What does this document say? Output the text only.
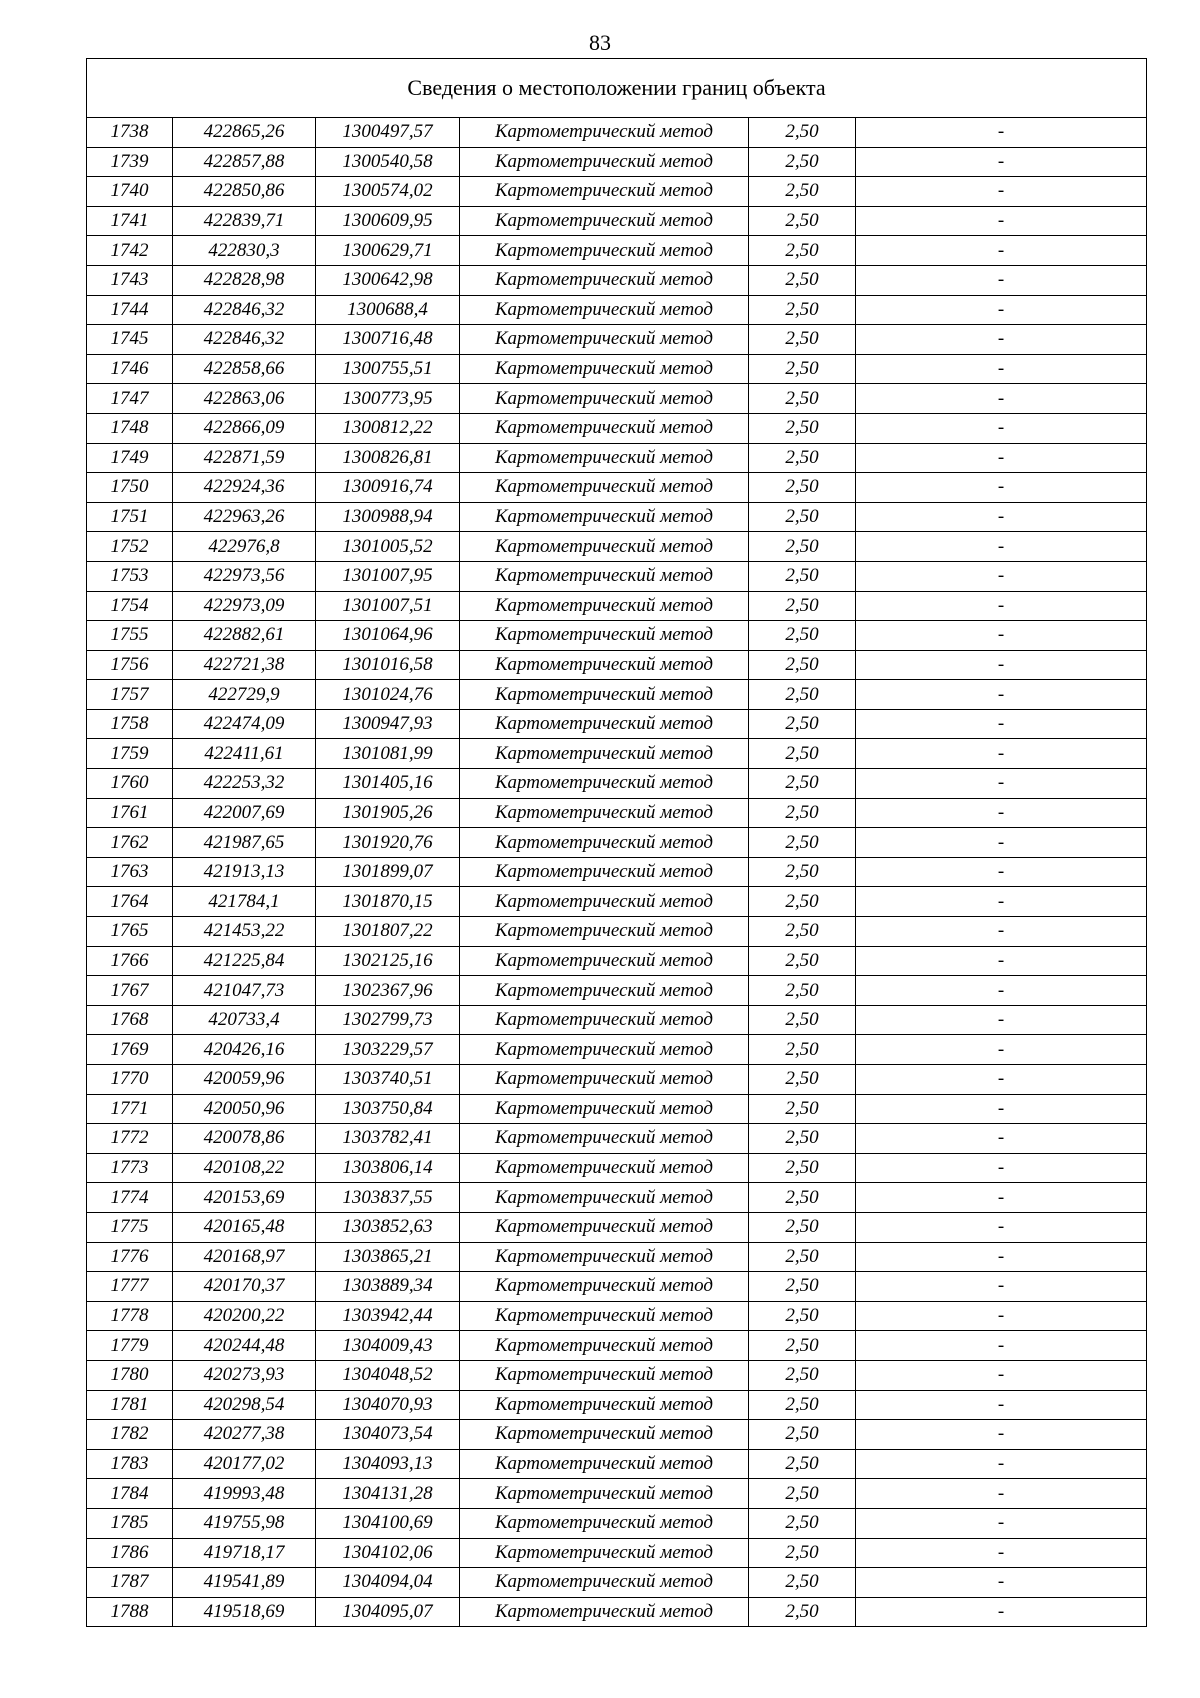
83
Сведения о местоположении границ объекта					
1738	422865,26	1300497,57	Картометрический метод	2,50	-
1739	422857,88	1300540,58	Картометрический метод	2,50	-
1740	422850,86	1300574,02	Картометрический метод	2,50	-
1741	422839,71	1300609,95	Картометрический метод	2,50	-
1742	422830,3	1300629,71	Картометрический метод	2,50	-
1743	422828,98	1300642,98	Картометрический метод	2,50	-
1744	422846,32	1300688,4	Картометрический метод	2,50	-
1745	422846,32	1300716,48	Картометрический метод	2,50	-
1746	422858,66	1300755,51	Картометрический метод	2,50	-
1747	422863,06	1300773,95	Картометрический метод	2,50	-
1748	422866,09	1300812,22	Картометрический метод	2,50	-
1749	422871,59	1300826,81	Картометрический метод	2,50	-
1750	422924,36	1300916,74	Картометрический метод	2,50	-
1751	422963,26	1300988,94	Картометрический метод	2,50	-
1752	422976,8	1301005,52	Картометрический метод	2,50	-
1753	422973,56	1301007,95	Картометрический метод	2,50	-
1754	422973,09	1301007,51	Картометрический метод	2,50	-
1755	422882,61	1301064,96	Картометрический метод	2,50	-
1756	422721,38	1301016,58	Картометрический метод	2,50	-
1757	422729,9	1301024,76	Картометрический метод	2,50	-
1758	422474,09	1300947,93	Картометрический метод	2,50	-
1759	422411,61	1301081,99	Картометрический метод	2,50	-
1760	422253,32	1301405,16	Картометрический метод	2,50	-
1761	422007,69	1301905,26	Картометрический метод	2,50	-
1762	421987,65	1301920,76	Картометрический метод	2,50	-
1763	421913,13	1301899,07	Картометрический метод	2,50	-
1764	421784,1	1301870,15	Картометрический метод	2,50	-
1765	421453,22	1301807,22	Картометрический метод	2,50	-
1766	421225,84	1302125,16	Картометрический метод	2,50	-
1767	421047,73	1302367,96	Картометрический метод	2,50	-
1768	420733,4	1302799,73	Картометрический метод	2,50	-
1769	420426,16	1303229,57	Картометрический метод	2,50	-
1770	420059,96	1303740,51	Картометрический метод	2,50	-
1771	420050,96	1303750,84	Картометрический метод	2,50	-
1772	420078,86	1303782,41	Картометрический метод	2,50	-
1773	420108,22	1303806,14	Картометрический метод	2,50	-
1774	420153,69	1303837,55	Картометрический метод	2,50	-
1775	420165,48	1303852,63	Картометрический метод	2,50	-
1776	420168,97	1303865,21	Картометрический метод	2,50	-
1777	420170,37	1303889,34	Картометрический метод	2,50	-
1778	420200,22	1303942,44	Картометрический метод	2,50	-
1779	420244,48	1304009,43	Картометрический метод	2,50	-
1780	420273,93	1304048,52	Картометрический метод	2,50	-
1781	420298,54	1304070,93	Картометрический метод	2,50	-
1782	420277,38	1304073,54	Картометрический метод	2,50	-
1783	420177,02	1304093,13	Картометрический метод	2,50	-
1784	419993,48	1304131,28	Картометрический метод	2,50	-
1785	419755,98	1304100,69	Картометрический метод	2,50	-
1786	419718,17	1304102,06	Картометрический метод	2,50	-
1787	419541,89	1304094,04	Картометрический метод	2,50	-
1788	419518,69	1304095,07	Картометрический метод	2,50	-
